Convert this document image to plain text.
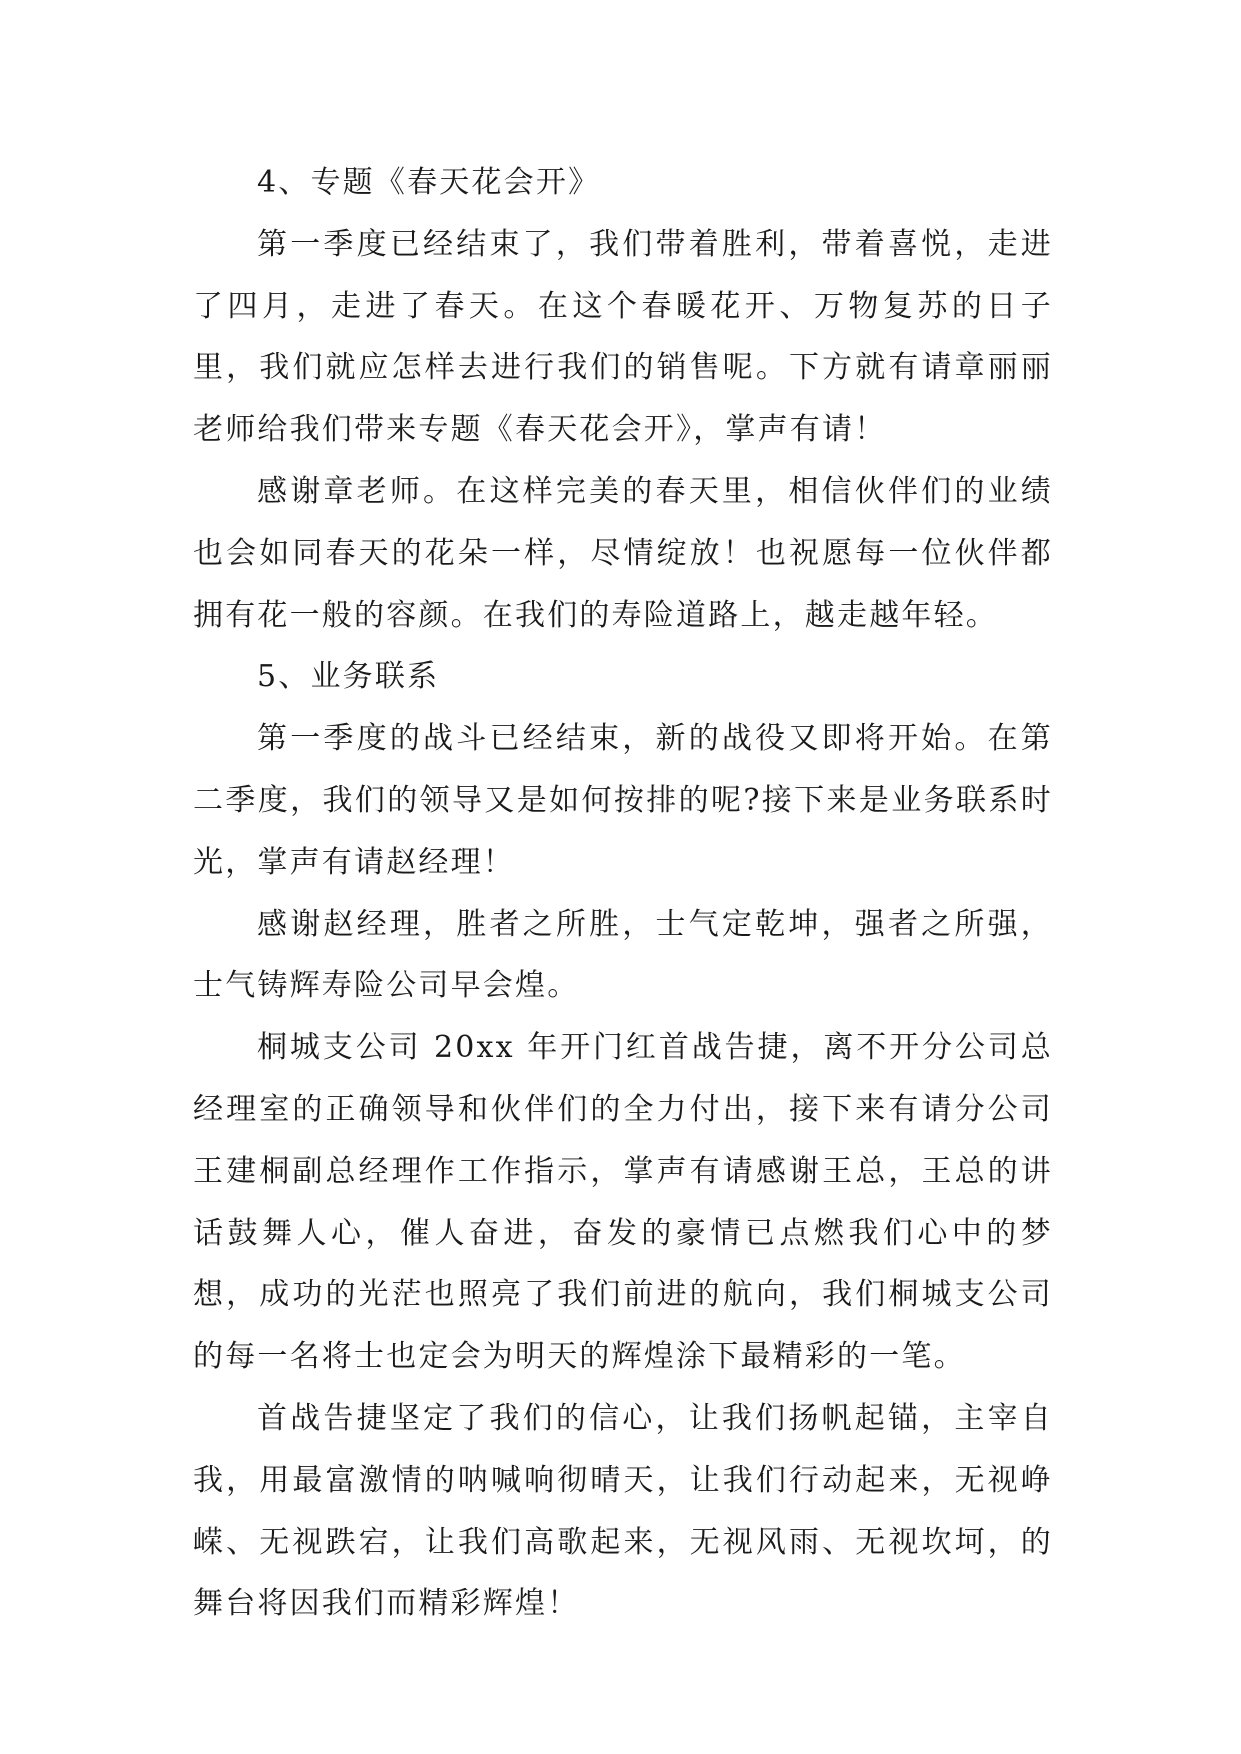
4、专题《春天花会开》

第一季度已经结束了，我们带着胜利，带着喜悦，走进了四月，走进了春天。在这个春暖花开、万物复苏的日子里，我们就应怎样去进行我们的销售呢。下方就有请章丽丽老师给我们带来专题《春天花会开》，掌声有请！

感谢章老师。在这样完美的春天里，相信伙伴们的业绩也会如同春天的花朵一样，尽情绽放！也祝愿每一位伙伴都拥有花一般的容颜。在我们的寿险道路上，越走越年轻。

5、业务联系

第一季度的战斗已经结束，新的战役又即将开始。在第二季度，我们的领导又是如何按排的呢?接下来是业务联系时光，掌声有请赵经理！

感谢赵经理，胜者之所胜，士气定乾坤，强者之所强，士气铸辉寿险公司早会煌。

桐城支公司 20xx 年开门红首战告捷，离不开分公司总经理室的正确领导和伙伴们的全力付出，接下来有请分公司王建桐副总经理作工作指示，掌声有请感谢王总，王总的讲话鼓舞人心，催人奋进，奋发的豪情已点燃我们心中的梦想，成功的光茫也照亮了我们前进的航向，我们桐城支公司的每一名将士也定会为明天的辉煌涂下最精彩的一笔。

首战告捷坚定了我们的信心，让我们扬帆起锚，主宰自我，用最富激情的呐喊响彻晴天，让我们行动起来，无视峥嵘、无视跌宕，让我们高歌起来，无视风雨、无视坎坷，的舞台将因我们而精彩辉煌！
